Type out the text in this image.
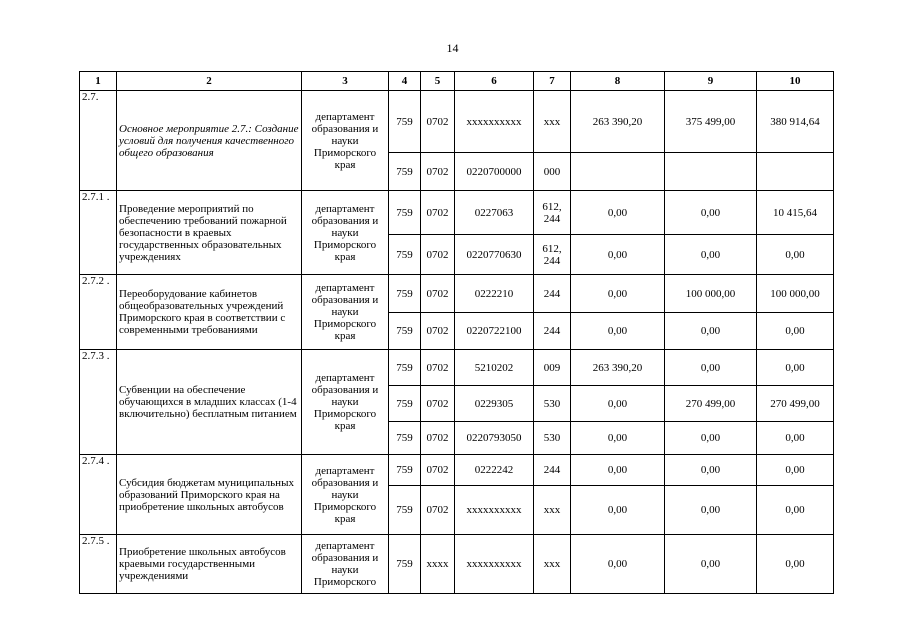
14
1	2	3	4	5	6	7	8	9	10
2.7.	Основное мероприятие 2.7.: Создание условий для получения качественного общего образования	департамент образования и науки Приморского края	759	0702	xxxxxxxxxx	xxx	263 390,20	375 499,00	380 914,64
			759	0702	0220700000	000			
2.7.1 .	Проведение мероприятий по обеспечению требований пожарной безопасности в краевых государственных образовательных учреждениях	департамент образования и науки Приморского края	759	0702	0227063	612, 244	0,00	0,00	10 415,64
			759	0702	0220770630	612, 244	0,00	0,00	0,00
2.7.2 .	Переоборудование кабинетов общеобразовательных учреждений Приморского края в соответствии с современными требованиями	департамент образования и науки Приморского края	759	0702	0222210	244	0,00	100 000,00	100 000,00
			759	0702	0220722100	244	0,00	0,00	0,00
2.7.3 .	Субвенции на обеспечение обучающихся в младших классах (1-4 включительно) бесплатным питанием	департамент образования и науки Приморского края	759	0702	5210202	009	263 390,20	0,00	0,00
			759	0702	0229305	530	0,00	270 499,00	270 499,00
			759	0702	0220793050	530	0,00	0,00	0,00
2.7.4 .	Субсидия бюджетам муниципальных образований Приморского края на приобретение школьных автобусов	департамент образования и науки Приморского края	759	0702	0222242	244	0,00	0,00	0,00
			759	0702	xxxxxxxxxx	xxx	0,00	0,00	0,00
2.7.5 .	Приобретение школьных автобусов краевыми государственными учреждениями	департамент образования и науки Приморского	759	xxxx	xxxxxxxxxx	xxx	0,00	0,00	0,00
